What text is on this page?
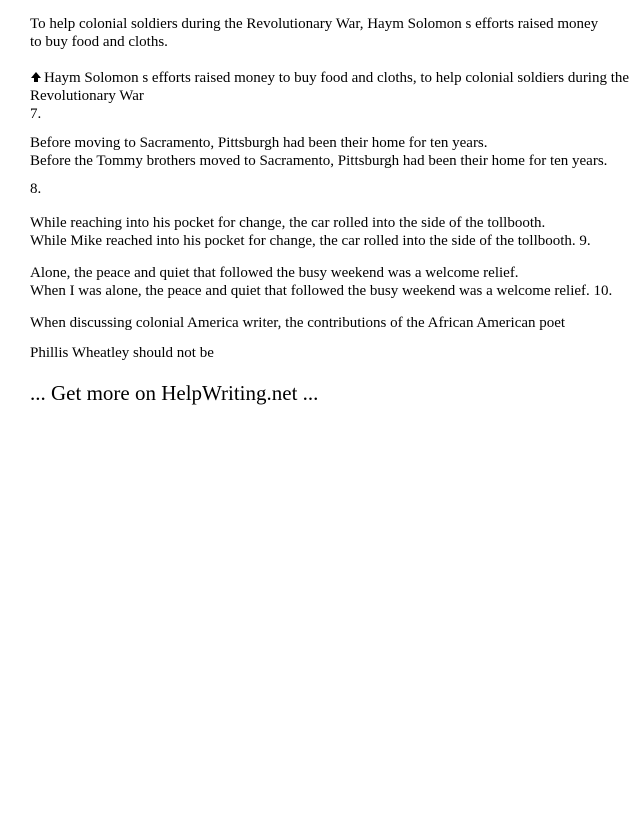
To help colonial soldiers during the Revolutionary War, Haym Solomon s efforts raised money to buy food and cloths.
Haym Solomon s efforts raised money to buy food and cloths, to help colonial soldiers during the
Revolutionary War
7.
Before moving to Sacramento, Pittsburgh had been their home for ten years.
Before the Tommy brothers moved to Sacramento, Pittsburgh had been their home for ten years.
8.
While reaching into his pocket for change, the car rolled into the side of the tollbooth.
While Mike reached into his pocket for change, the car rolled into the side of the tollbooth. 9.
Alone, the peace and quiet that followed the busy weekend was a welcome relief.
When I was alone, the peace and quiet that followed the busy weekend was a welcome relief. 10.
When discussing colonial America writer, the contributions of the African American poet
Phillis Wheatley should not be
... Get more on HelpWriting.net ...
